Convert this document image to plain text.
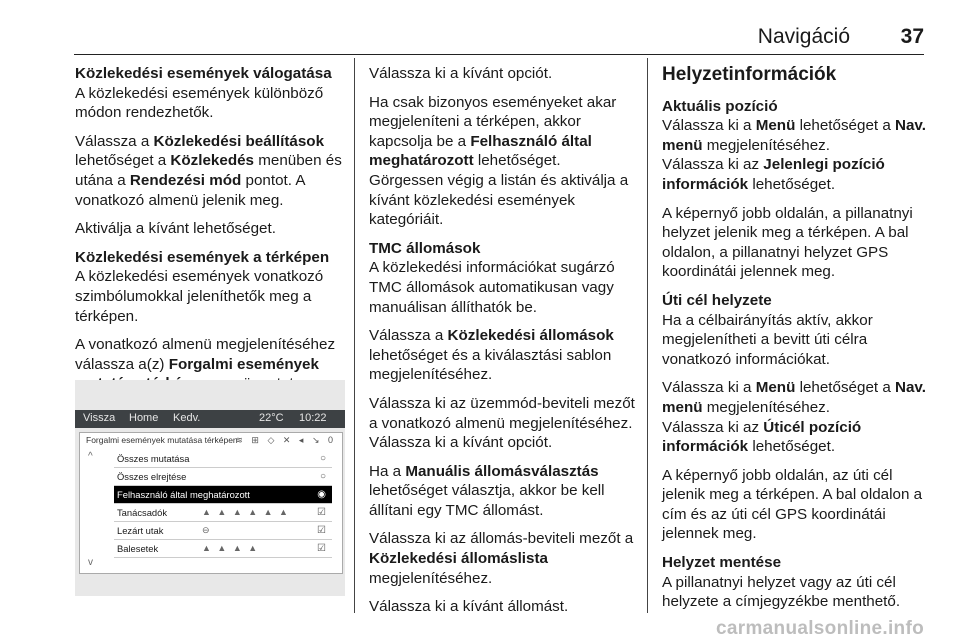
Navigáció 37

Közlekedési események válogatása

A közlekedési események különböző módon rendezhetők.

Válassza a Közlekedési beállítások lehetőséget a Közlekedés menüben és utána a Rendezési mód pontot. A vonatkozó almenü jelenik meg.

Aktiválja a kívánt lehetőséget.

Közlekedési események a térképen

A közlekedési események vonatkozó szimbólumokkal jeleníthetők meg a térképen.

A vonatkozó almenü megjelenítéséhez válassza a(z) Forgalmi események

Vissza Home Kedv.	22°C 10:22
Forgalmi események mutatása térképen
≋ ⊞ ◇ ✕ ◂ ↘ 0
^
v
Összes mutatása	○
Összes elrejtése	○
Felhasználó által meghatározott	◉
Tanácsadók	▲ ▲ ▲ ▲ ▲ ▲	☑
Lezárt utak	⊖	☑
Balesetek	▲ ▲ ▲ ▲	☑

Válassza ki a kívánt opciót.

Ha csak bizonyos eseményeket akar megjeleníteni a térképen, akkor kapcsolja be a Felhasználó által meghatározott lehetőséget.

Görgessen végig a listán és aktiválja a kívánt közlekedési események kategóriáit.

TMC állomások

A közlekedési információkat sugárzó TMC állomások automatikusan vagy manuálisan állíthatók be.

Válassza a Közlekedési állomások lehetőséget és a kiválasztási sablon megjelenítéséhez.

Válassza ki az üzemmód-beviteli mezőt a vonatkozó almenü megjelenítéséhez. Válassza ki a kívánt opciót.

Ha a Manuális állomásválasztás lehetőséget választja, akkor be kell állítani egy TMC állomást.

Válassza ki az állomás-beviteli mezőt a Közlekedési állomáslista megjelenítéséhez.

Válassza ki a kívánt állomást.

Helyzetinformációk

Aktuális pozíció

Válassza ki a Menü lehetőséget a Nav. menü megjelenítéséhez.

Válassza ki az Jelenlegi pozíció információk lehetőséget.

A képernyő jobb oldalán, a pillanatnyi helyzet jelenik meg a térképen. A bal oldalon, a pillanatnyi helyzet GPS koordinátái jelennek meg.

Úti cél helyzete

Ha a célbairányítás aktív, akkor megjelenítheti a bevitt úti célra vonatkozó információkat.

Válassza ki a Menü lehetőséget a Nav. menü megjelenítéséhez.

Válassza ki az Úticél pozíció információk lehetőséget.

A képernyő jobb oldalán, az úti cél jelenik meg a térképen. A bal oldalon a cím és az úti cél GPS koordinátái jelennek meg.

Helyzet mentése

A pillanatnyi helyzet vagy az úti cél helyzete a címjegyzékbe menthető.

carmanualsonline.info
